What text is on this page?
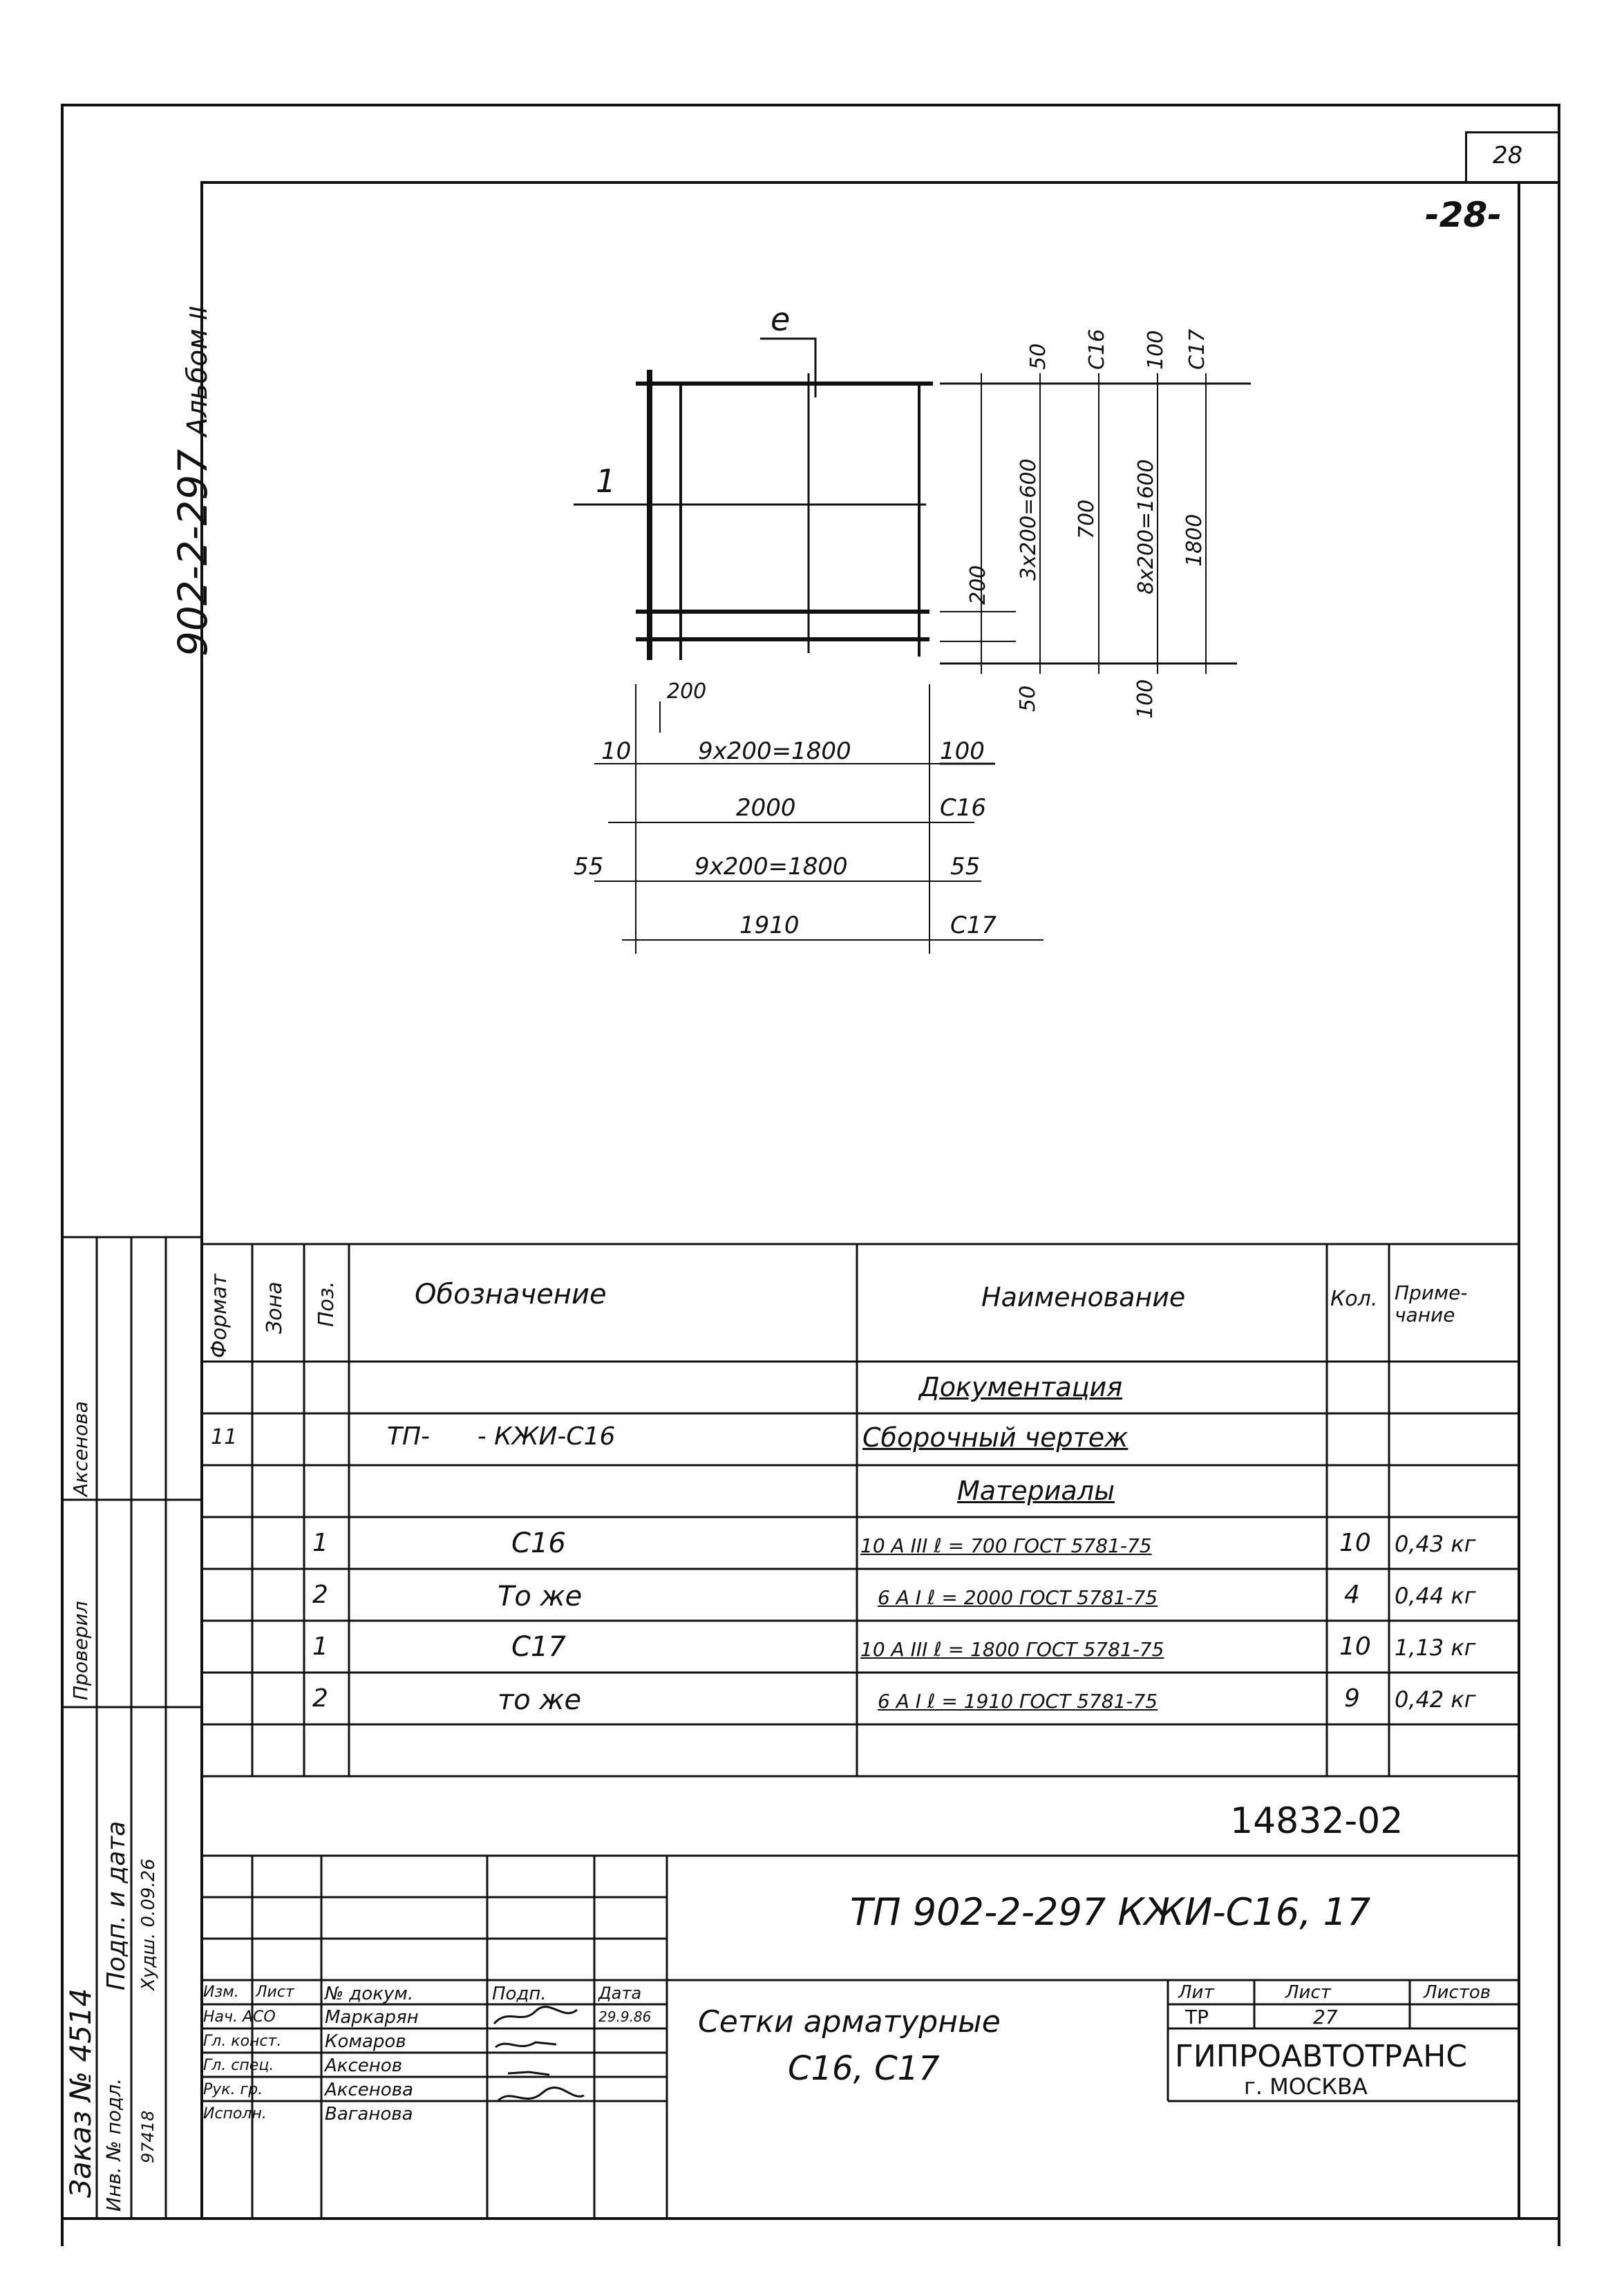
28
-28-
902-2-297 Альбом II	e
1
50 C16 100 C17
3x200=600 700 8x200=1600 1800
200
50	100
200
10	9x200=1800	100
2000	C16
55	9x200=1800	55
1910	C17
Формат Зона Поз.	Обозначение	Наименование	Кол. Приме-чание
Документация
11	ТП-      - КЖИ-С16	Сборочный чертеж
Материалы
1	С16	10 А III ℓ = 700 ГОСТ 5781-75	10 0,43 кг
2	То же	6 А I ℓ = 2000 ГОСТ 5781-75	4 0,44 кг
1	С17	10 А III ℓ = 1800 ГОСТ 5781-75	10 1,13 кг
2	то же	6 А I ℓ = 1910 ГОСТ 5781-75	9 0,42 кг
14832-02
ТП 902-2-297 КЖИ-С16, 17
Сетки арматурные
С16, С17
Изм. Лист № докум.	Подп.	Дата
Нач. АСО	Маркарян	29.9.86
Гл. конст. Комаров
Гл. спец.	Аксенов
Рук. гр.	Аксенова
Исполн.	Ваганова
Лит	Лист	Листов
ТР	27
ГИПРОАВТОТРАНС
г. МОСКВА
Проверил
Аксенова
Заказ № 4514
Подп. и дата Худш. 0.09.26
Инв. № подл. 97418
